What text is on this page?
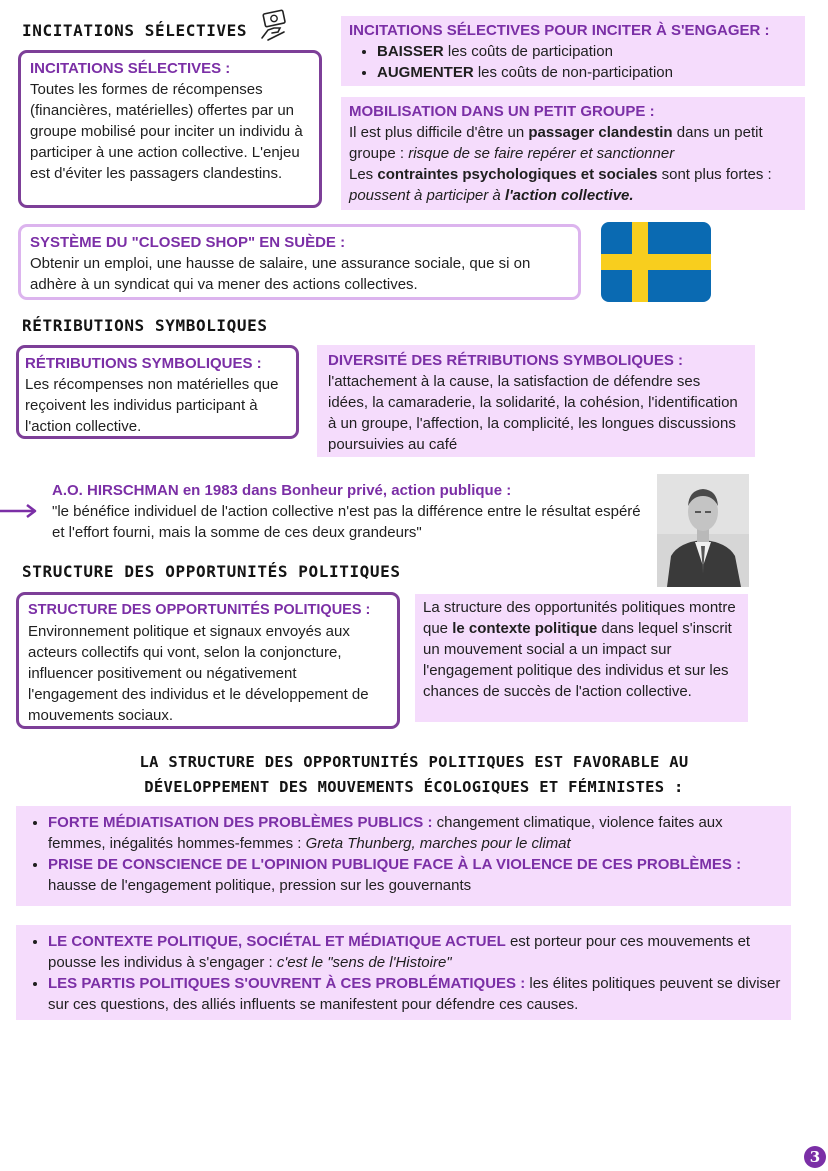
INCITATIONS SÉLECTIVES
INCITATIONS SÉLECTIVES :
Toutes les formes de récompenses (financières, matérielles) offertes par un groupe mobilisé pour inciter un individu à participer à une action collective. L'enjeu est d'éviter les passagers clandestins.
INCITATIONS SÉLECTIVES POUR INCITER À S'ENGAGER :
• BAISSER les coûts de participation
• AUGMENTER les coûts de non-participation
MOBILISATION DANS UN PETIT GROUPE :
Il est plus difficile d'être un passager clandestin dans un petit groupe : risque de se faire repérer et sanctionner
Les contraintes psychologiques et sociales sont plus fortes : poussent à participer à l'action collective.
SYSTÈME DU "CLOSED SHOP" EN SUÈDE :
Obtenir un emploi, une hausse de salaire, une assurance sociale, que si on adhère à un syndicat qui va mener des actions collectives.
RÉTRIBUTIONS SYMBOLIQUES
RÉTRIBUTIONS SYMBOLIQUES :
Les récompenses non matérielles que reçoivent les individus participant à l'action collective.
DIVERSITÉ DES RÉTRIBUTIONS SYMBOLIQUES :
l'attachement à la cause, la satisfaction de défendre ses idées, la camaraderie, la solidarité, la cohésion, l'identification à un groupe, l'affection, la complicité, les longues discussions poursuivies au café
A.O. HIRSCHMAN en 1983 dans Bonheur privé, action publique :
"le bénéfice individuel de l'action collective n'est pas la différence entre le résultat espéré et l'effort fourni, mais la somme de ces deux grandeurs"
STRUCTURE DES OPPORTUNITÉS POLITIQUES
STRUCTURE DES OPPORTUNITÉS POLITIQUES :
Environnement politique et signaux envoyés aux acteurs collectifs qui vont, selon la conjoncture, influencer positivement ou négativement l'engagement des individus et le développement de mouvements sociaux.
La structure des opportunités politiques montre que le contexte politique dans lequel s'inscrit un mouvement social a un impact sur l'engagement politique des individus et sur les chances de succès de l'action collective.
LA STRUCTURE DES OPPORTUNITÉS POLITIQUES EST FAVORABLE AU
DÉVELOPPEMENT DES MOUVEMENTS ÉCOLOGIQUES ET FÉMINISTES :
• FORTE MÉDIATISATION DES PROBLÈMES PUBLICS : changement climatique, violence faites aux femmes, inégalités hommes-femmes : Greta Thunberg, marches pour le climat
• PRISE DE CONSCIENCE DE L'OPINION PUBLIQUE FACE À LA VIOLENCE DE CES PROBLÈMES : hausse de l'engagement politique, pression sur les gouvernants
• LE CONTEXTE POLITIQUE, SOCIÉTAL ET MÉDIATIQUE ACTUEL est porteur pour ces mouvements et pousse les individus à s'engager : c'est le "sens de l'Histoire"
• LES PARTIS POLITIQUES S'OUVRENT À CES PROBLÉMATIQUES : les élites politiques peuvent se diviser sur ces questions, des alliés influents se manifestent pour défendre ces causes.
3
